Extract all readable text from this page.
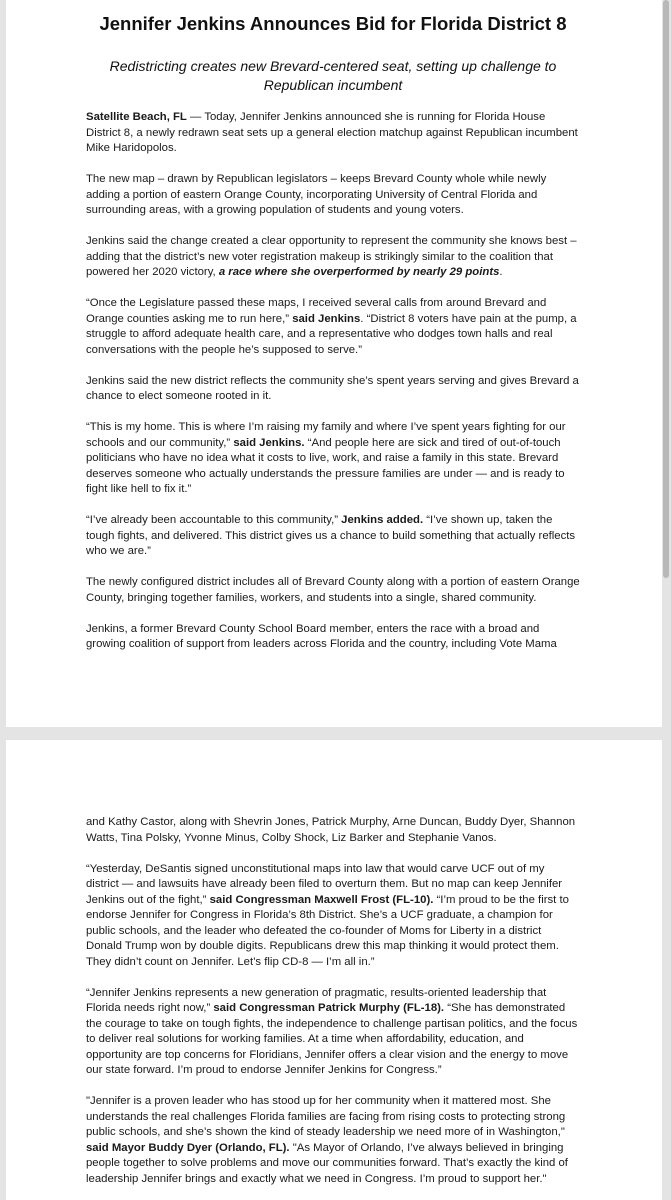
Jennifer Jenkins Announces Bid for Florida District 8
Redistricting creates new Brevard-centered seat, setting up challenge to Republican incumbent

Satellite Beach, FL — Today, Jennifer Jenkins announced she is running for Florida House District 8, a newly redrawn seat sets up a general election matchup against Republican incumbent Mike Haridopolos.

The new map – drawn by Republican legislators – keeps Brevard County whole while newly adding a portion of eastern Orange County, incorporating University of Central Florida and surrounding areas, with a growing population of students and young voters.

Jenkins said the change created a clear opportunity to represent the community she knows best – adding that the district’s new voter registration makeup is strikingly similar to the coalition that powered her 2020 victory, a race where she overperformed by nearly 29 points.

“Once the Legislature passed these maps, I received several calls from around Brevard and Orange counties asking me to run here,” said Jenkins. “District 8 voters have pain at the pump, a struggle to afford adequate health care, and a representative who dodges town halls and real conversations with the people he’s supposed to serve.”

Jenkins said the new district reflects the community she’s spent years serving and gives Brevard a chance to elect someone rooted in it.

“This is my home. This is where I’m raising my family and where I’ve spent years fighting for our schools and our community,” said Jenkins. “And people here are sick and tired of out-of-touch politicians who have no idea what it costs to live, work, and raise a family in this state. Brevard deserves someone who actually understands the pressure families are under — and is ready to fight like hell to fix it.”

“I’ve already been accountable to this community,” Jenkins added. “I’ve shown up, taken the tough fights, and delivered. This district gives us a chance to build something that actually reflects who we are.”

The newly configured district includes all of Brevard County along with a portion of eastern Orange County, bringing together families, workers, and students into a single, shared community.

Jenkins, a former Brevard County School Board member, enters the race with a broad and growing coalition of support from leaders across Florida and the country, including Vote Mama

and Kathy Castor, along with Shevrin Jones, Patrick Murphy, Arne Duncan, Buddy Dyer, Shannon Watts, Tina Polsky, Yvonne Minus, Colby Shock, Liz Barker and Stephanie Vanos.

“Yesterday, DeSantis signed unconstitutional maps into law that would carve UCF out of my district — and lawsuits have already been filed to overturn them. But no map can keep Jennifer Jenkins out of the fight,” said Congressman Maxwell Frost (FL-10). “I’m proud to be the first to endorse Jennifer for Congress in Florida’s 8th District. She’s a UCF graduate, a champion for public schools, and the leader who defeated the co-founder of Moms for Liberty in a district Donald Trump won by double digits. Republicans drew this map thinking it would protect them. They didn’t count on Jennifer. Let’s flip CD-8 — I’m all in.”

“Jennifer Jenkins represents a new generation of pragmatic, results-oriented leadership that Florida needs right now,” said Congressman Patrick Murphy (FL-18). “She has demonstrated the courage to take on tough fights, the independence to challenge partisan politics, and the focus to deliver real solutions for working families. At a time when affordability, education, and opportunity are top concerns for Floridians, Jennifer offers a clear vision and the energy to move our state forward. I’m proud to endorse Jennifer Jenkins for Congress.”

"Jennifer is a proven leader who has stood up for her community when it mattered most. She understands the real challenges Florida families are facing from rising costs to protecting strong public schools, and she’s shown the kind of steady leadership we need more of in Washington," said Mayor Buddy Dyer (Orlando, FL). "As Mayor of Orlando, I’ve always believed in bringing people together to solve problems and move our communities forward. That’s exactly the kind of leadership Jennifer brings and exactly what we need in Congress. I’m proud to support her."
